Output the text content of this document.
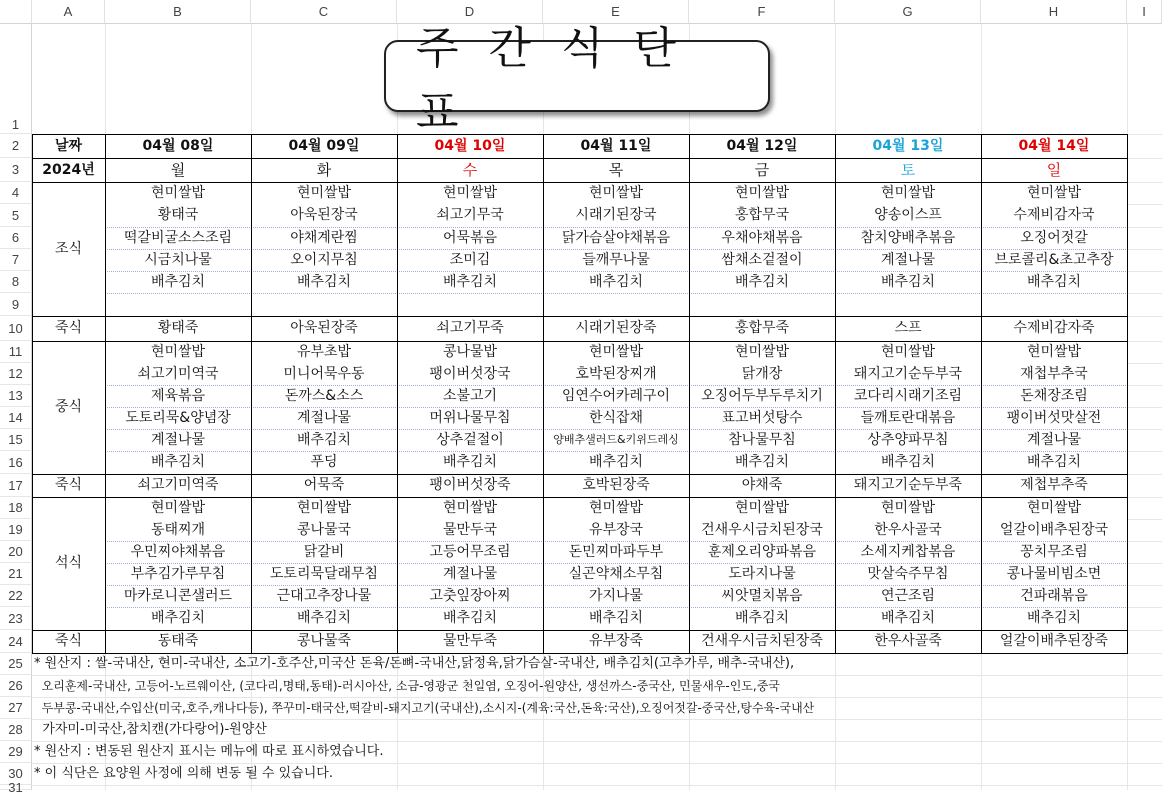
A	B	C	D	E	F	G	H	I
1
2
3
4
5
6
7
8
9
10
11
12
13
14
15
16
17
18
19
20
21
22
23
24
25
26
27
28
29
30
31
날짜
2024년
04월 08일	04월 09일	04월 10일	04월 11일	04월 12일	04월 13일	04월 14일
월	화	수	목	금	토	일
조식
현미쌀밥	현미쌀밥	현미쌀밥	현미쌀밥	현미쌀밥	현미쌀밥	현미쌀밥
황태국	아욱된장국	쇠고기무국	시래기된장국	홍합무국	양송이스프	수제비감자국
떡갈비굴소스조림	야채계란찜	어묵볶음	닭가슴살야채볶음	우채야채볶음	참치양배추볶음	오징어젓갈
시금치나물	오이지무침	조미김	들깨무나물	쌈채소겉절이	계절나물	브로콜리&초고추장
배추김치	배추김치	배추김치	배추김치	배추김치	배추김치	배추김치
죽식	황태죽	아욱된장죽	쇠고기무죽	시래기된장죽	홍합무죽	스프	수제비감자죽
중식
현미쌀밥	유부초밥	콩나물밥	현미쌀밥	현미쌀밥	현미쌀밥	현미쌀밥
쇠고기미역국	미니어묵우동	팽이버섯장국	호박된장찌개	닭개장	돼지고기순두부국	재첩부추국
제육볶음	돈까스&소스	소불고기	임연수어카레구이	오징어두부두루치기	코다리시래기조림	돈채장조림
도토리묵&양념장	계절나물	머위나물무침	한식잡채	표고버섯탕수	들깨토란대볶음	팽이버섯맛살전
계절나물	배추김치	상추겉절이	양배추샐러드&키위드레싱	참나물무침	상추양파무침	계절나물
배추김치	푸딩	배추김치	배추김치	배추김치	배추김치	배추김치
죽식	쇠고기미역죽	어묵죽	팽이버섯장죽	호박된장죽	야채죽	돼지고기순두부죽	제첩부추죽
석식
현미쌀밥	현미쌀밥	현미쌀밥	현미쌀밥	현미쌀밥	현미쌀밥	현미쌀밥
동태찌개	콩나물국	물만두국	유부장국	건새우시금치된장국	한우사골국	얼갈이배추된장국
우민찌야채볶음	닭갈비	고등어무조림	돈민찌마파두부	훈제오리양파볶음	소세지케찹볶음	꽁치무조림
부추김가루무침	도토리묵달래무침	계절나물	실곤약채소무침	도라지나물	맛살숙주무침	콩나물비빔소면
마카로니콘샐러드	근대고추장나물	고춧잎장아찌	가지나물	씨앗멸치볶음	연근조림	건파래볶음
배추김치	배추김치	배추김치	배추김치	배추김치	배추김치	배추김치
죽식	동태죽	콩나물죽	물만두죽	유부장죽	건새우시금치된장죽	한우사골죽	얼갈이배추된장죽
* 원산지 : 쌀-국내산, 현미-국내산, 소고기-호주산,미국산 돈육/돈뼈-국내산,닭정육,닭가슴살-국내산, 배추김치(고추가루, 배추-국내산),
오리훈제-국내산, 고등어-노르웨이산, (코다리,명태,동태)-러시아산, 소금-영광군 천일염, 오징어-원양산, 생선까스-중국산, 민물새우-인도,중국
두부콩-국내산,수입산(미국,호주,캐나다등), 쭈꾸미-태국산,떡갈비-돼지고기(국내산),소시지-(계육:국산,돈육:국산),오징어젓갈-중국산,탕수육-국내산
가자미-미국산,참치캔(가다랑어)-원양산
* 원산지 : 변동된 원산지 표시는 메뉴에 따로 표시하였습니다.
* 이 식단은 요양원 사정에 의해 변동 될 수 있습니다.
주간식단표
